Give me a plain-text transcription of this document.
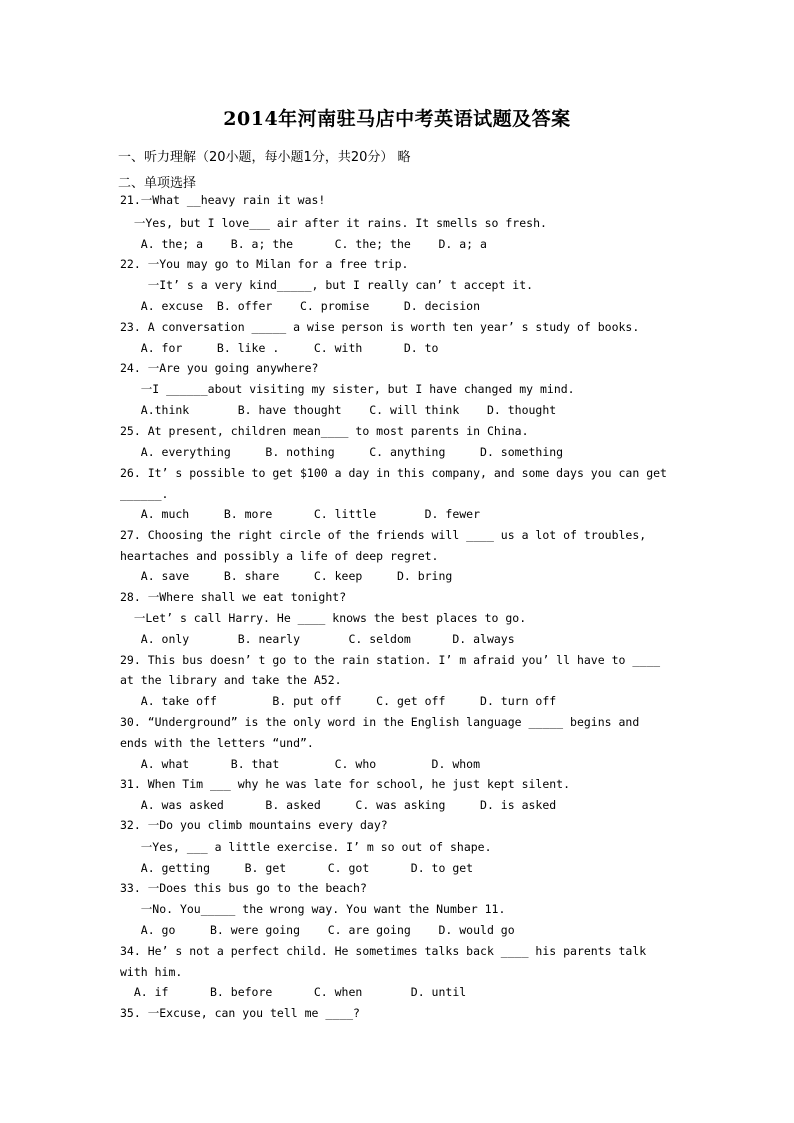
2014年河南驻马店中考英语试题及答案
一、听力理解（20小题，每小题1分，共20分） 略
二、单项选择
21.一What __heavy rain it was!
一Yes, but I love___ air after it rains. It smells so fresh.
A. the; a    B. a; the      C. the; the    D. a; a
22. 一You may go to Milan for a free trip.
一It’ s a very kind_____, but I really can’ t accept it.
A. excuse  B. offer    C. promise     D. decision
23. A conversation _____ a wise person is worth ten year’ s study of books.
A. for     B. like .     C. with      D. to
24. 一Are you going anywhere?
一I ______about visiting my sister, but I have changed my mind.
A.think       B. have thought    C. will think    D. thought
25. At present, children mean____ to most parents in China.
A. everything     B. nothing     C. anything     D. something
26. It’ s possible to get $100 a day in this company, and some days you can get
______.
A. much     B. more      C. little       D. fewer
27. Choosing the right circle of the friends will ____ us a lot of troubles,
heartaches and possibly a life of deep regret.
A. save     B. share     C. keep     D. bring
28. 一Where shall we eat tonight?
一Let’ s call Harry. He ____ knows the best places to go.
A. only       B. nearly       C. seldom      D. always
29. This bus doesn’ t go to the rain station. I’ m afraid you’ ll have to ____
at the library and take the A52.
A. take off        B. put off     C. get off     D. turn off
30. “Underground” is the only word in the English language _____ begins and
ends with the letters “und”.
A. what      B. that        C. who        D. whom
31. When Tim ___ why he was late for school, he just kept silent.
A. was asked      B. asked     C. was asking     D. is asked
32. 一Do you climb mountains every day?
一Yes, ___ a little exercise. I’ m so out of shape.
A. getting     B. get      C. got      D. to get
33. 一Does this bus go to the beach?
一No. You_____ the wrong way. You want the Number 11.
A. go     B. were going    C. are going    D. would go
34. He’ s not a perfect child. He sometimes talks back ____ his parents talk
with him.
A. if      B. before      C. when       D. until
35. 一Excuse, can you tell me ____?
